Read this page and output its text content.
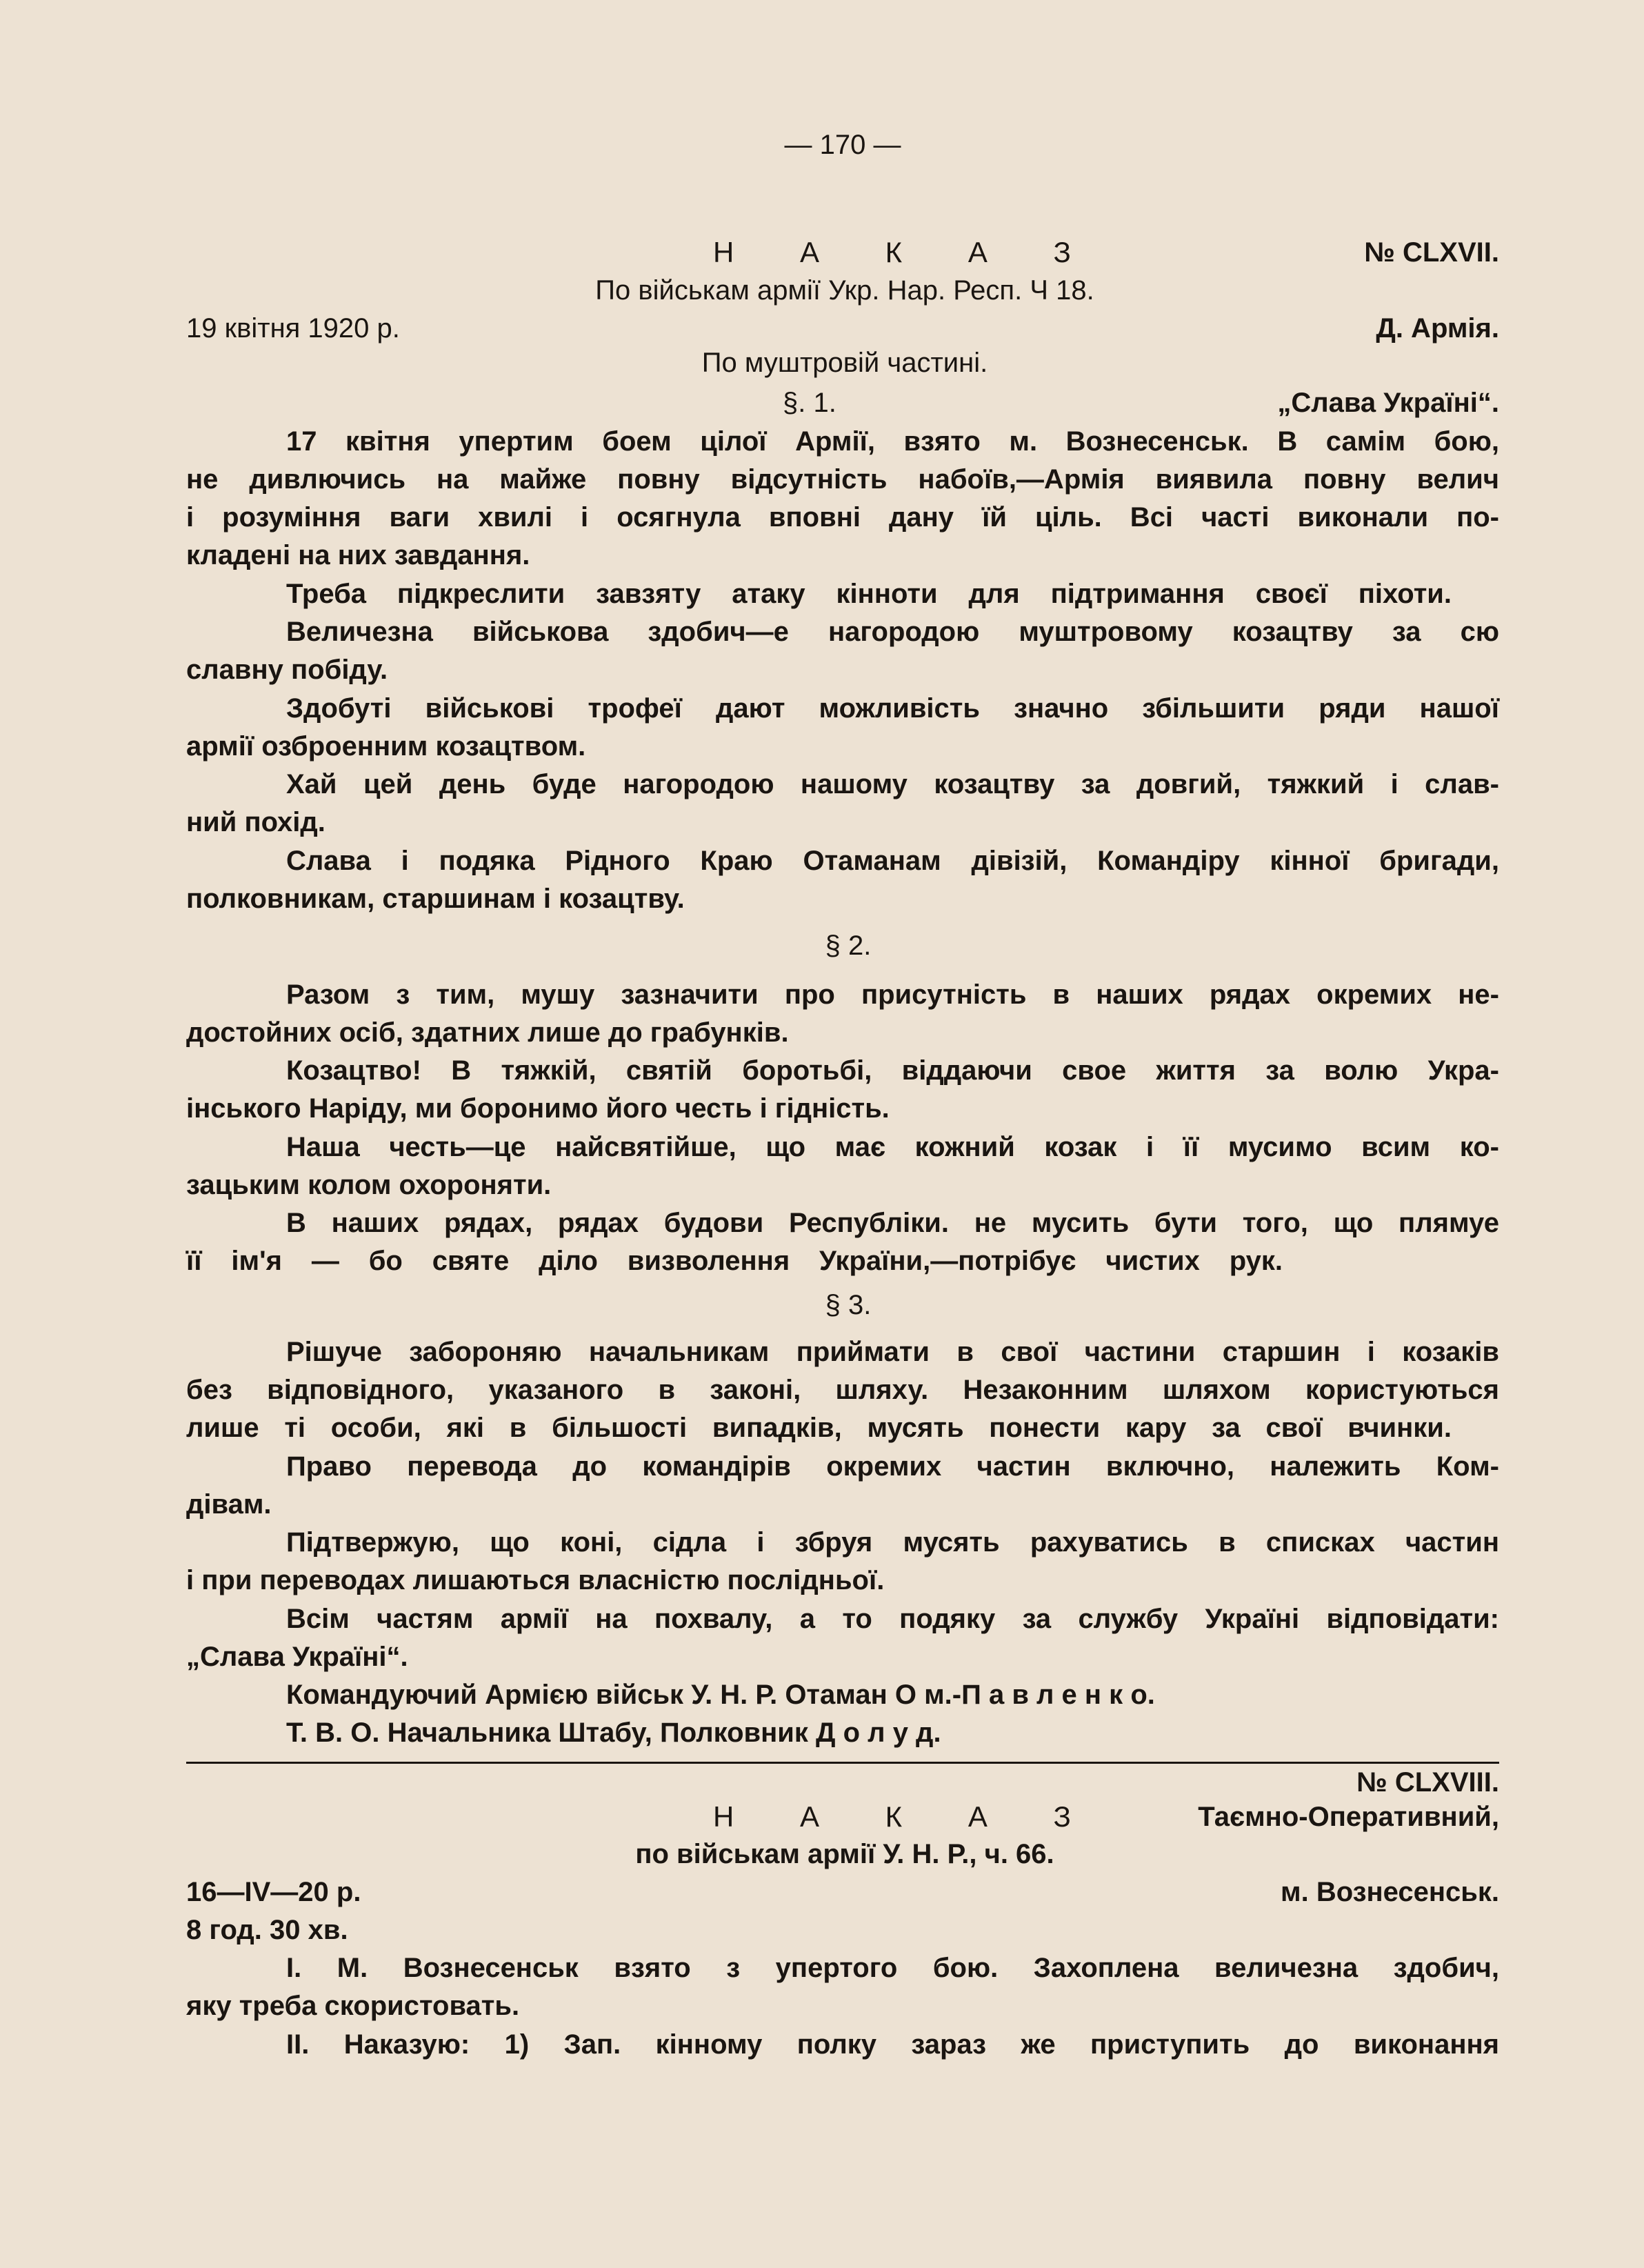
— 170 —
Н А К А З	№ CLXVII.
По військам армії Укр. Нар. Респ. Ч 18.
19 квітня 1920 р.	Д. Армія.
По муштровій частині.
§. 1.	„Слава Україні“.
17 квітня упертим боем цілої Армії, взято м. Вознесенськ. В самім бою,
не дивлючись на майже повну відсутність набоїв,—Армія виявила повну велич
і розуміння ваги хвилі і осягнула вповні дану їй ціль. Всі часті виконали по-
кладені на них завдання.
Треба підкреслити завзяту атаку кінноти для підтримання своєї піхоти.
Величезна військова здобич—е нагородою муштровому козацтву за сю
славну побіду.
Здобуті військові трофеї дают можливість значно збільшити ряди нашої
армії озброенним козацтвом.
Хай цей день буде нагородою нашому козацтву за довгий, тяжкий і слав-
ний похід.
Слава і подяка Рідного Краю Отаманам дівізій, Командіру кінної бригади,
полковникам, старшинам і козацтву.
§ 2.
Разом з тим, мушу зазначити про присутність в наших рядах окремих не-
достойних осіб, здатних лише до грабунків.
Козацтво! В тяжкій, святій боротьбі, віддаючи свое життя за волю Укра-
інського Наріду, ми боронимо його честь і гідність.
Наша честь—це найсвятійше, що має кожний козак і її мусимо всим ко-
зацьким колом охороняти.
В наших рядах, рядах будови Республіки. не мусить бути того, що плямуе
її ім'я — бо святе діло визволення України,—потрібує чистих рук.
§ 3.
Рішуче забороняю начальникам приймати в свої частини старшин і козаків
без відповідного, указаного в законі, шляху. Незаконним шляхом користуються
лише ті особи, які в більшості випадків, мусять понести кару за свої вчинки.
Право перевода до командірів окремих частин включно, належить Ком-
дівам.
Підтвержую, що коні, сідла і збруя мусять рахуватись в списках частин
і при переводах лишаються власністю послідньої.
Всім частям армії на похвалу, а то подяку за службу Україні відповідати:
„Слава Україні“.
Командуючий Армією військ У. Н. Р. Отаман О м.-П а в л е н к о.
Т. В. О. Начальника Штабу, Полковник Д о л у д.
№ CLXVIII.
Н А К А З	Таємно-Оперативний,
по військам армії У. Н. Р., ч. 66.
16—IV—20 р.	м. Вознесенськ.
8 год. 30 хв.
I. М. Вознесенськ взято з упертого бою. Захоплена величезна здобич,
яку треба скористовать.
II. Наказую: 1) Зап. кінному полку зараз же приступить до виконання
